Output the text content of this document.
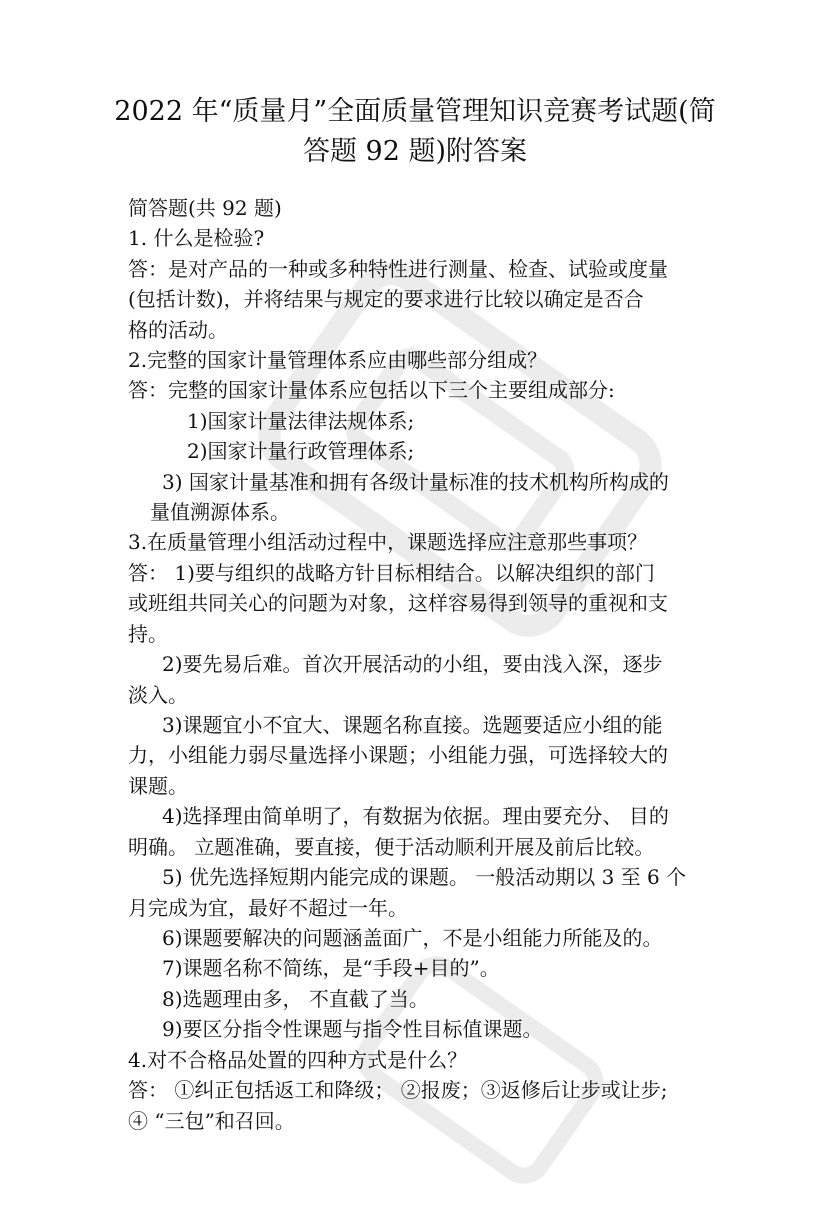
2022 年“质量月”全面质量管理知识竞赛考试题(简
答题 92 题)附答案
简答题(共 92 题)
1. 什么是检验?
答：是对产品的一种或多种特性进行测量、检查、试验或度量
(包括计数)，并将结果与规定的要求进行比较以确定是否合
格的活动。
2.完整的国家计量管理体系应由哪些部分组成？
答：完整的国家计量体系应包括以下三个主要组成部分:
1)国家计量法律法规体系;
2)国家计量行政管理体系;
3) 国家计量基准和拥有各级计量标准的技术机构所构成的
量值溯源体系。
3.在质量管理小组活动过程中，课题选择应注意那些事项？
答： 1)要与组织的战略方针目标相结合。以解决组织的部门
或班组共同关心的问题为对象，这样容易得到领导的重视和支
持。
2)要先易后难。首次开展活动的小组，要由浅入深，逐步
淡入。
3)课题宜小不宜大、课题名称直接。选题要适应小组的能
力，小组能力弱尽量选择小课题；小组能力强，可选择较大的
课题。
4)选择理由简单明了，有数据为依据。理由要充分、 目的
明确。 立题准确，要直接，便于活动顺利开展及前后比较。
5) 优先选择短期内能完成的课题。 一般活动期以 3 至 6 个
月完成为宜，最好不超过一年。
6)课题要解决的问题涵盖面广，不是小组能力所能及的。
7)课题名称不简练，是“手段+目的”。
8)选题理由多， 不直截了当。
9)要区分指令性课题与指令性目标值课题。
4.对不合格品处置的四种方式是什么？
答： ①纠正包括返工和降级； ②报废；③返修后让步或让步;
④ “三包”和召回。
